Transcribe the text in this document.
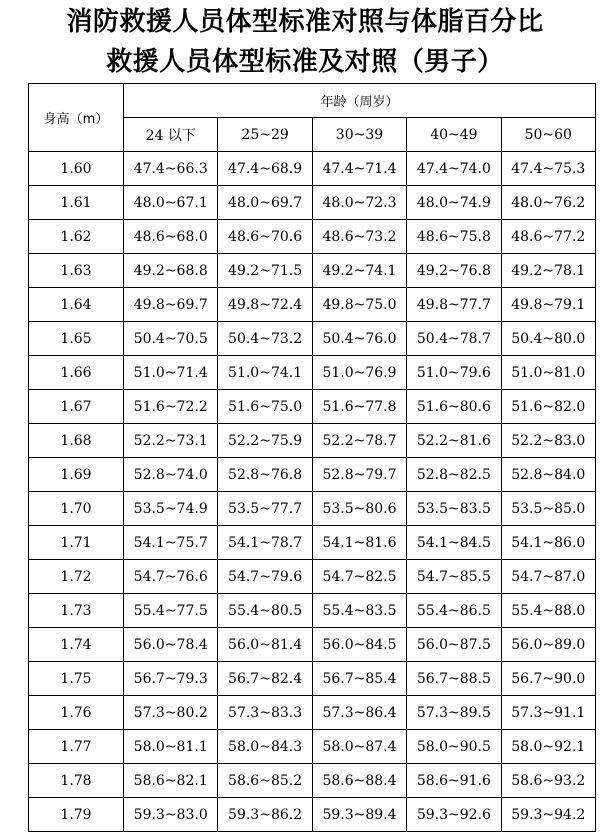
消防救援人员体型标准对照与体脂百分比
救援人员体型标准及对照（男子）
身高（m）	年龄（周岁）				
	24 以下	25~29	30~39	40~49	50~60
1.60	47.4~66.3	47.4~68.9	47.4~71.4	47.4~74.0	47.4~75.3
1.61	48.0~67.1	48.0~69.7	48.0~72.3	48.0~74.9	48.0~76.2
1.62	48.6~68.0	48.6~70.6	48.6~73.2	48.6~75.8	48.6~77.2
1.63	49.2~68.8	49.2~71.5	49.2~74.1	49.2~76.8	49.2~78.1
1.64	49.8~69.7	49.8~72.4	49.8~75.0	49.8~77.7	49.8~79.1
1.65	50.4~70.5	50.4~73.2	50.4~76.0	50.4~78.7	50.4~80.0
1.66	51.0~71.4	51.0~74.1	51.0~76.9	51.0~79.6	51.0~81.0
1.67	51.6~72.2	51.6~75.0	51.6~77.8	51.6~80.6	51.6~82.0
1.68	52.2~73.1	52.2~75.9	52.2~78.7	52.2~81.6	52.2~83.0
1.69	52.8~74.0	52.8~76.8	52.8~79.7	52.8~82.5	52.8~84.0
1.70	53.5~74.9	53.5~77.7	53.5~80.6	53.5~83.5	53.5~85.0
1.71	54.1~75.7	54.1~78.7	54.1~81.6	54.1~84.5	54.1~86.0
1.72	54.7~76.6	54.7~79.6	54.7~82.5	54.7~85.5	54.7~87.0
1.73	55.4~77.5	55.4~80.5	55.4~83.5	55.4~86.5	55.4~88.0
1.74	56.0~78.4	56.0~81.4	56.0~84.5	56.0~87.5	56.0~89.0
1.75	56.7~79.3	56.7~82.4	56.7~85.4	56.7~88.5	56.7~90.0
1.76	57.3~80.2	57.3~83.3	57.3~86.4	57.3~89.5	57.3~91.1
1.77	58.0~81.1	58.0~84.3	58.0~87.4	58.0~90.5	58.0~92.1
1.78	58.6~82.1	58.6~85.2	58.6~88.4	58.6~91.6	58.6~93.2
1.79	59.3~83.0	59.3~86.2	59.3~89.4	59.3~92.6	59.3~94.2
